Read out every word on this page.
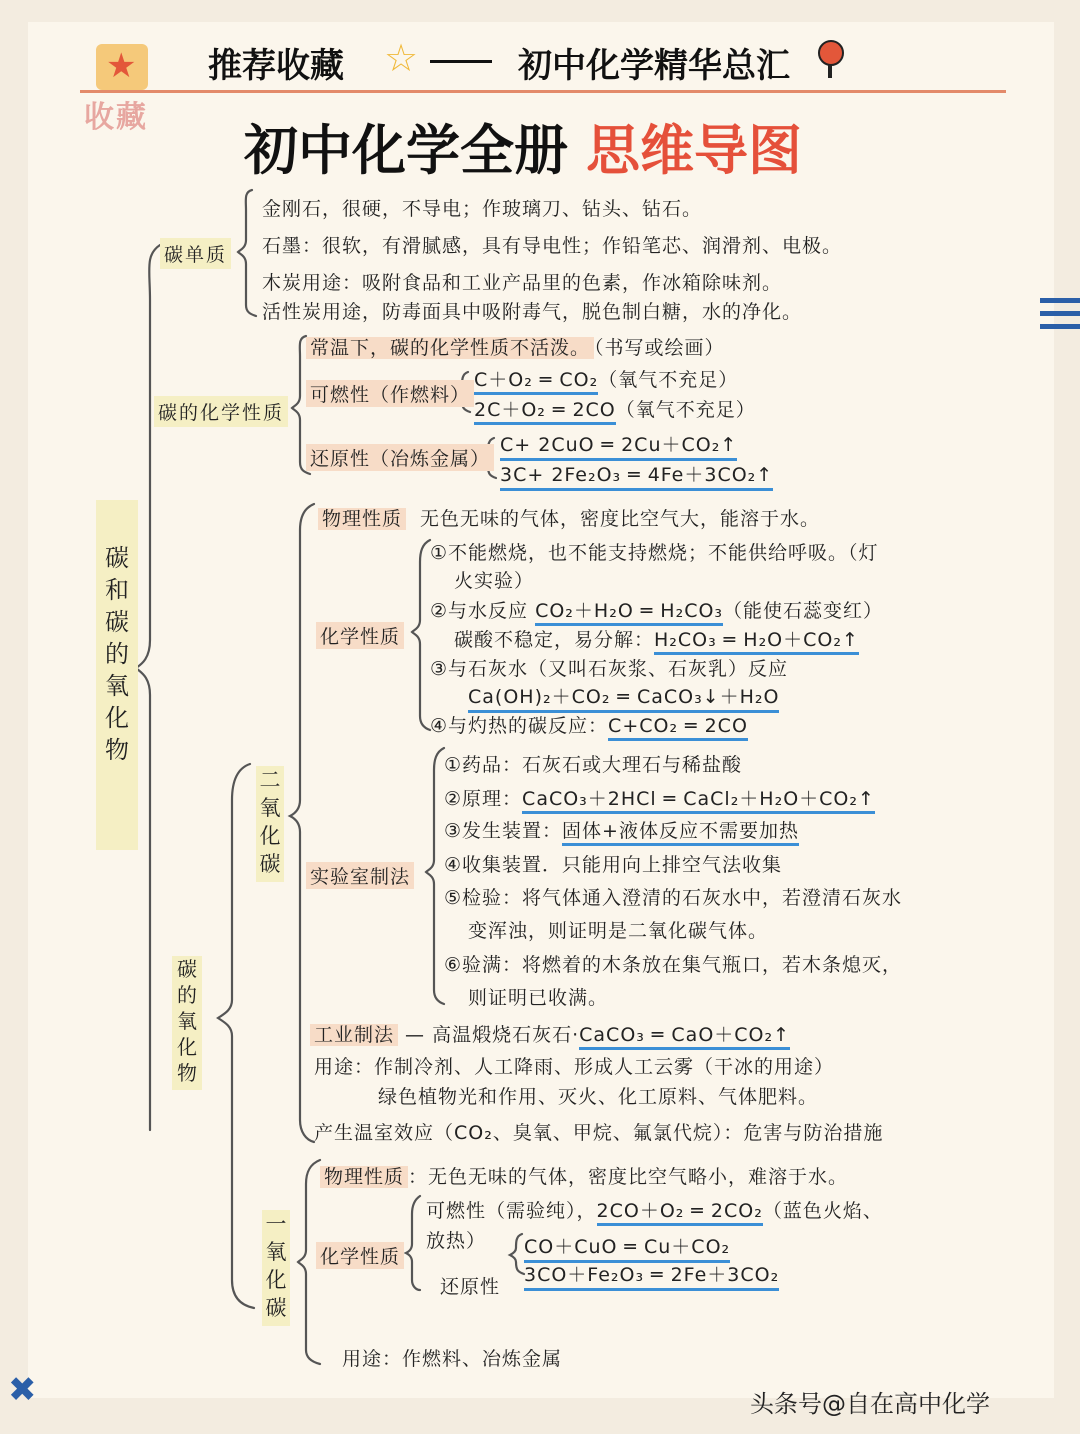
★
收藏
推荐收藏 ☆	初中化学精华总汇
初中化学全册 思维导图
碳和碳的氧化物
碳单质
金刚石，很硬，不导电；作玻璃刀、钻头、钻石。
石墨：很软，有滑腻感，具有导电性；作铅笔芯、润滑剂、电极。
木炭用途：吸附食品和工业产品里的色素，作冰箱除味剂。
活性炭用途，防毒面具中吸附毒气，脱色制白糖，水的净化。
碳的化学性质
常温下，碳的化学性质不活泼。 （书写或绘画）
可燃性（作燃料）
C＋O₂ ═ CO₂（氧气不充足）
2C＋O₂ ═ 2CO（氧气不充足）
还原性（冶炼金属）
C+ 2CuO ═ 2Cu＋CO₂↑
3C+ 2Fe₂O₃ ═ 4Fe＋3CO₂↑
碳的氧化物
二氧化碳
物理性质 无色无味的气体，密度比空气大，能溶于水。
化学性质
①不能燃烧，也不能支持燃烧；不能供给呼吸。（灯
火实验）
②与水反应 CO₂＋H₂O ═ H₂CO₃（能使石蕊变红）
碳酸不稳定，易分解：H₂CO₃ ═ H₂O＋CO₂↑
③与石灰水（又叫石灰浆、石灰乳）反应
Ca(OH)₂＋CO₂ ═ CaCO₃↓＋H₂O
④与灼热的碳反应：C+CO₂ ═ 2CO
实验室制法
①药品：石灰石或大理石与稀盐酸
②原理：CaCO₃＋2HCl ═ CaCl₂＋H₂O＋CO₂↑
③发生装置：固体+液体反应不需要加热
④收集装置．只能用向上排空气法收集
⑤检验：将气体通入澄清的石灰水中，若澄清石灰水
变浑浊，则证明是二氧化碳气体。
⑥验满：将燃着的木条放在集气瓶口，若木条熄灭，
则证明已收满。
工业制法 — 高温煅烧石灰石·CaCO₃ ═ CaO＋CO₂↑
用途：作制冷剂、人工降雨、形成人工云雾（干冰的用途）
绿色植物光和作用、灭火、化工原料、气体肥料。
产生温室效应（CO₂、臭氧、甲烷、氟氯代烷）：危害与防治措施
一氧化碳
物理性质 ：无色无味的气体，密度比空气略小，难溶于水。
化学性质
可燃性（需验纯），2CO＋O₂ ═ 2CO₂（蓝色火焰、
放热）
还原性
CO＋CuO ═ Cu＋CO₂
3CO＋Fe₂O₃ ═ 2Fe＋3CO₂
用途：作燃料、冶炼金属
✖	头条号@自在高中化学
